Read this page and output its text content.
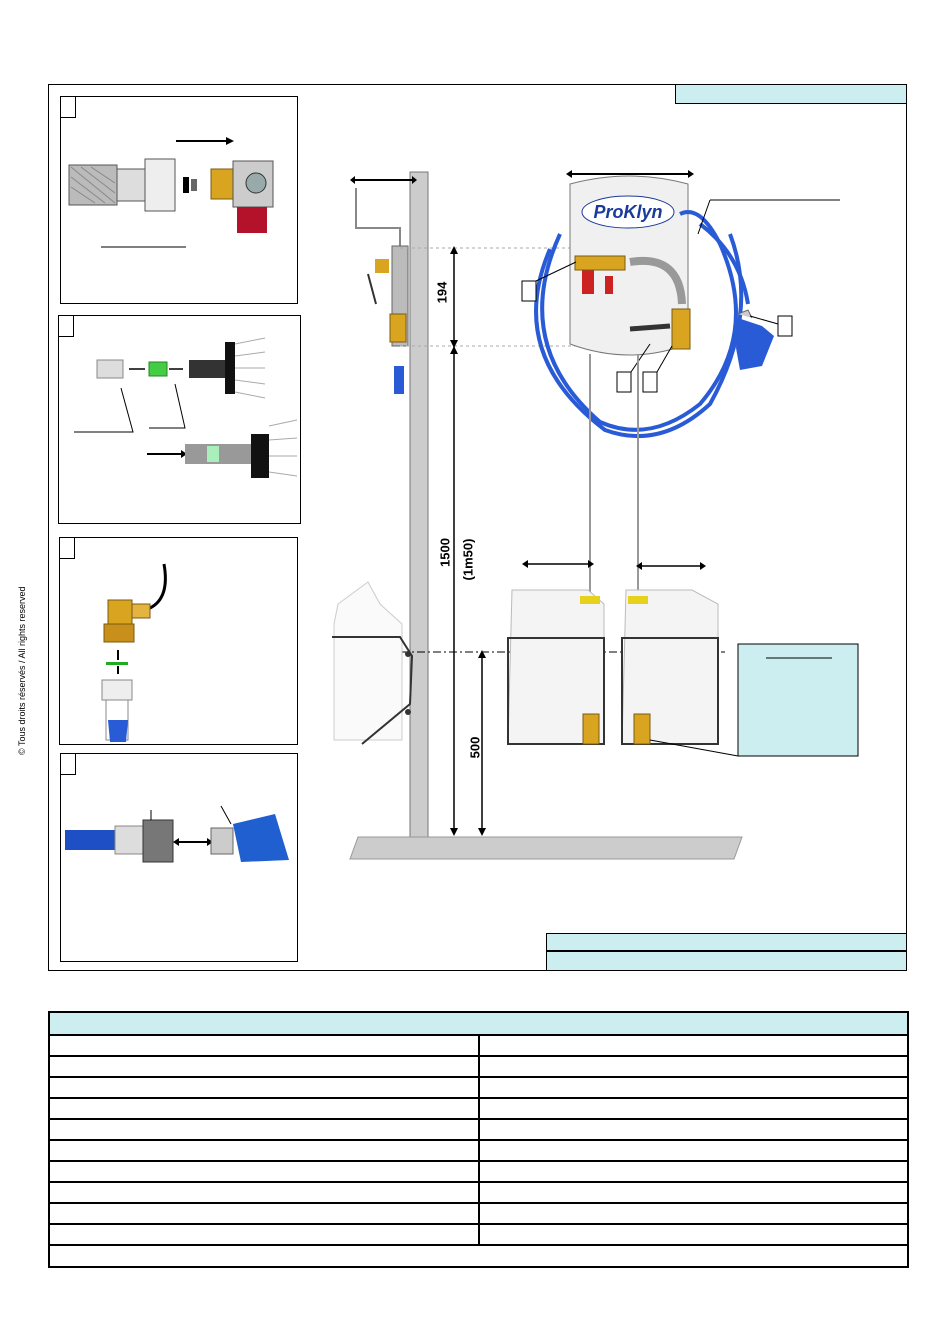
© Tous droits réservés / All rights reserved
ProKlyn
194
1500 (1m50)
500
